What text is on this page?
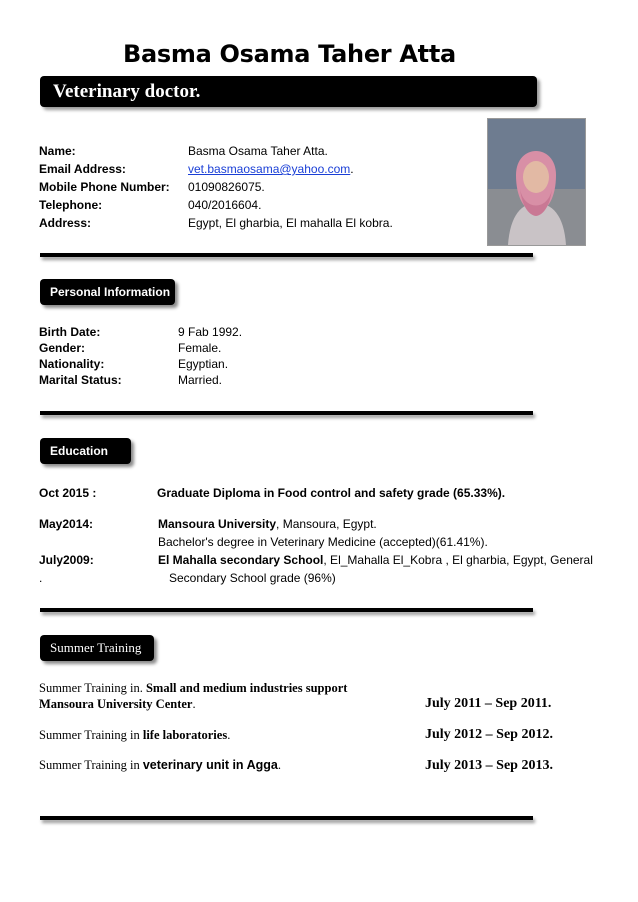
Basma Osama Taher Atta
Veterinary doctor.
Name:	Basma Osama Taher Atta.
Email Address:	vet.basmaosama@yahoo.com.
Mobile Phone Number: 01090826075.
Telephone:	040/2016604.
Address:	Egypt, El gharbia, El mahalla El kobra.
Personal Information
Birth Date:	9 Fab 1992.
Gender:	Female.
Nationality:	Egyptian.
Marital Status:	Married.
Education
Oct 2015 :	Graduate Diploma in Food control and safety grade (65.33%).
May2014:	Mansoura University, Mansoura, Egypt.
Bachelor's degree in Veterinary Medicine (accepted)(61.41%).
July2009:	El Mahalla secondary School, El_Mahalla El_Kobra , El gharbia, Egypt, General
.	Secondary School grade (96%)
Summer Training
Summer Training in. Small and medium industries support
Mansoura University Center.	July 2011 – Sep 2011.
Summer Training in life laboratories.	July 2012 – Sep 2012.
Summer Training in veterinary unit in Agga.	July 2013 – Sep 2013.
